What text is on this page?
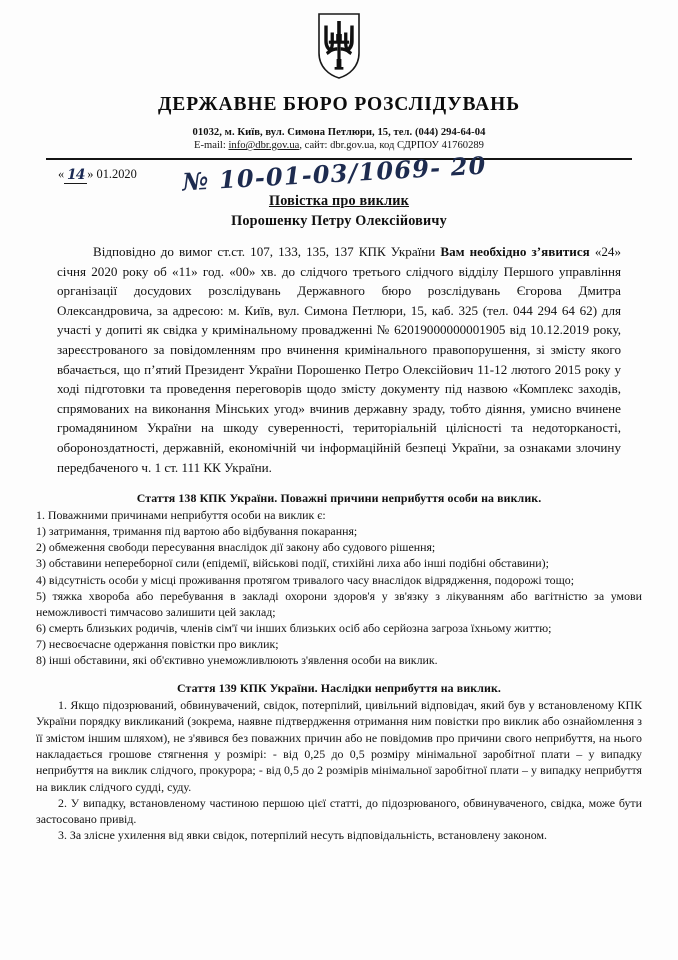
ДЕРЖАВНЕ БЮРО РОЗСЛІДУВАНЬ
01032, м. Київ, вул. Симона Петлюри, 15, тел. (044) 294-64-04
E-mail: info@dbr.gov.ua, сайт: dbr.gov.ua, код СДРПОУ 41760289
« 14 » 01.2020 № 10-01-03/1069- 20
Повістка про виклик
Порошенку Петру Олексійовичу

Відповідно до вимог ст.ст. 107, 133, 135, 137 КПК України Вам необхідно з’явитися «24» січня 2020 року об «11» год. «00» хв. до слідчого третього слідчого відділу Першого управління організації досудових розслідувань Державного бюро розслідувань Єгорова Дмитра Олександровича, за адресою: м. Київ, вул. Симона Петлюри, 15, каб. 325 (тел. 044 294 64 62) для участі у допиті як свідка у кримінальному провадженні № 62019000000001905 від 10.12.2019 року, зареєстрованого за повідомленням про вчинення кримінального правопорушення, зі змісту якого вбачається, що п’ятий Президент України Порошенко Петро Олексійович 11-12 лютого 2015 року у ході підготовки та проведення переговорів щодо змісту документу під назвою «Комплекс заходів, спрямованих на виконання Мінських угод» вчинив державну зраду, тобто діяння, умисно вчинене громадянином України на шкоду суверенності, територіальній цілісності та недоторканості, обороноздатності, державній, економічній чи інформаційній безпеці України, за ознаками злочину передбаченого ч. 1 ст. 111 КК України.

Стаття 138 КПК України. Поважні причини неприбуття особи на виклик.

1. Поважними причинами неприбуття особи на виклик є:

1) затримання, тримання під вартою або відбування покарання;

2) обмеження свободи пересування внаслідок дії закону або судового рішення;

3) обставини непереборної сили (епідемії, військові події, стихійні лиха або інші подібні обставини);

4) відсутність особи у місці проживання протягом тривалого часу внаслідок відрядження, подорожі тощо;

5) тяжка хвороба або перебування в закладі охорони здоров'я у зв'язку з лікуванням або вагітністю за умови неможливості тимчасово залишити цей заклад;

6) смерть близьких родичів, членів сім'ї чи інших близьких осіб або серйозна загроза їхньому життю;

7) несвоєчасне одержання повістки про виклик;

8) інші обставини, які об'єктивно унеможливлюють з'явлення особи на виклик.

Стаття 139 КПК України. Наслідки неприбуття на виклик.

1. Якщо підозрюваний, обвинувачений, свідок, потерпілий, цивільний відповідач, який був у встановленому КПК України порядку викликаний (зокрема, наявне підтвердження отримання ним повістки про виклик або ознайомлення з її змістом іншим шляхом), не з'явився без поважних причин або не повідомив про причини свого неприбуття, на нього накладається грошове стягнення у розмірі: - від 0,25 до 0,5 розміру мінімальної заробітної плати – у випадку неприбуття на виклик слідчого, прокурора; - від 0,5 до 2 розмірів мінімальної заробітної плати – у випадку неприбуття на виклик слідчого судді, суду.

2. У випадку, встановленому частиною першою цієї статті, до підозрюваного, обвинуваченого, свідка, може бути застосовано привід.

3. За злісне ухилення від явки свідок, потерпілий несуть відповідальність, встановлену законом.
